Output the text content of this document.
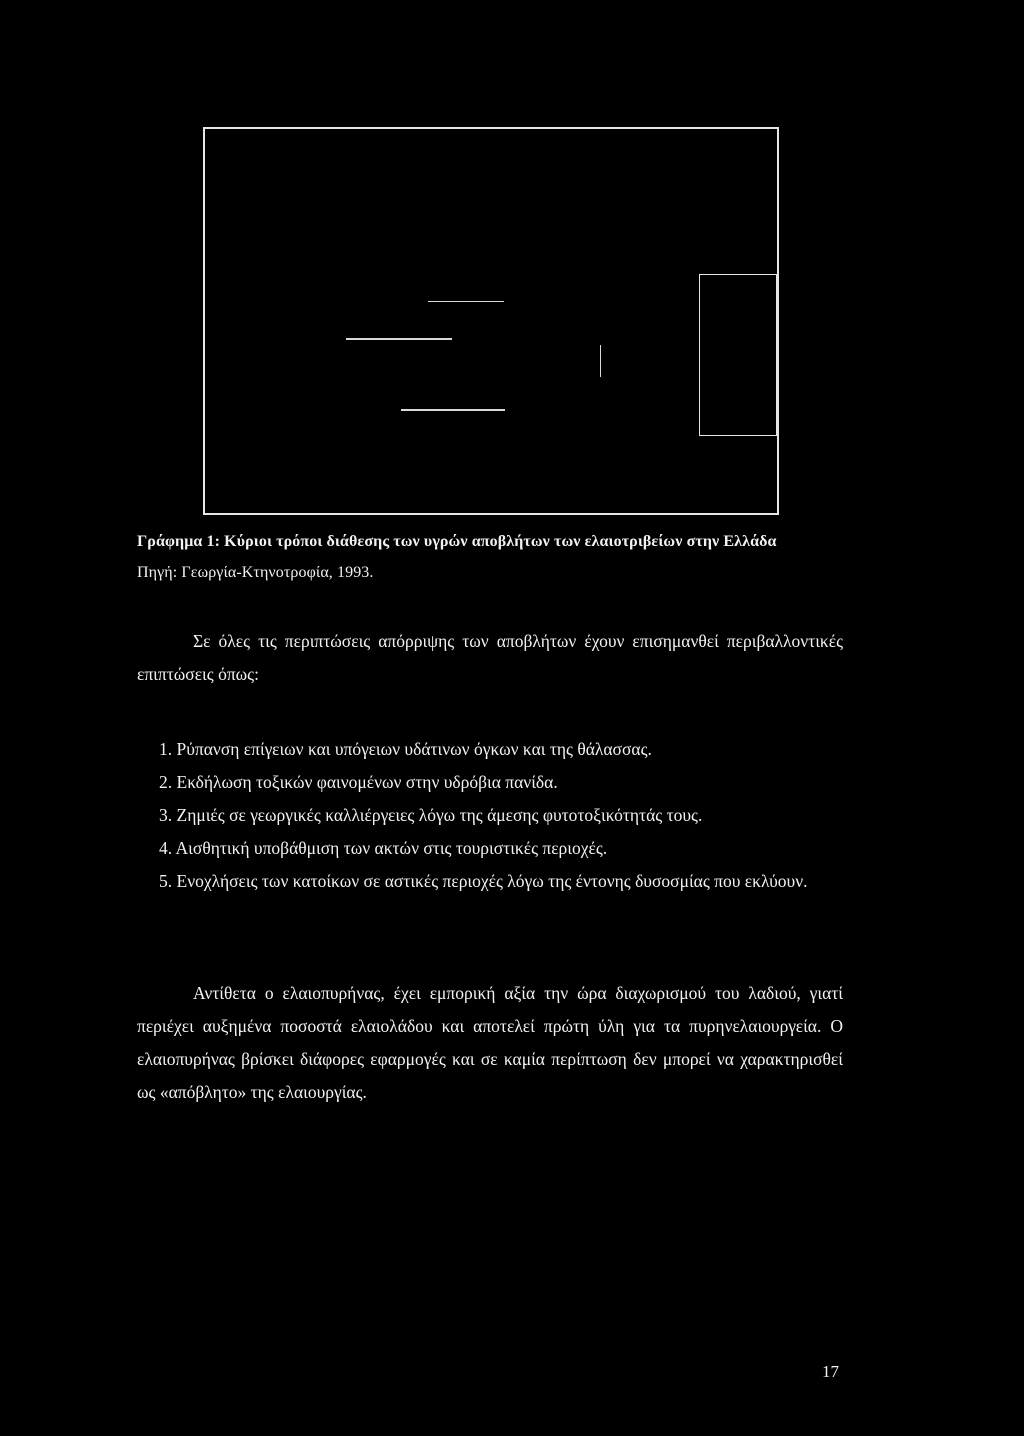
Γράφημα 1: Κύριοι τρόποι διάθεσης των υγρών αποβλήτων των ελαιοτριβείων στην Ελλάδα
Πηγή: Γεωργία-Κτηνοτροφία, 1993.

Σε όλες τις περιπτώσεις απόρριψης των αποβλήτων έχουν επισημανθεί περιβαλλοντικές επιπτώσεις όπως:

1. Ρύπανση επίγειων και υπόγειων υδάτινων όγκων και της θάλασσας.
2. Εκδήλωση τοξικών φαινομένων στην υδρόβια πανίδα.
3. Ζημιές σε γεωργικές καλλιέργειες λόγω της άμεσης φυτοτοξικότητάς τους.
4. Αισθητική υποβάθμιση των ακτών στις τουριστικές περιοχές.
5. Ενοχλήσεις των κατοίκων σε αστικές περιοχές λόγω της έντονης δυσοσμίας που εκλύουν.

Αντίθετα ο ελαιοπυρήνας, έχει εμπορική αξία την ώρα διαχωρισμού του λαδιού, γιατί περιέχει αυξημένα ποσοστά ελαιολάδου και αποτελεί πρώτη ύλη για τα πυρηνελαιουργεία. Ο ελαιοπυρήνας βρίσκει διάφορες εφαρμογές και σε καμία περίπτωση δεν μπορεί να χαρακτηρισθεί ως «απόβλητο» της ελαιουργίας.

17
